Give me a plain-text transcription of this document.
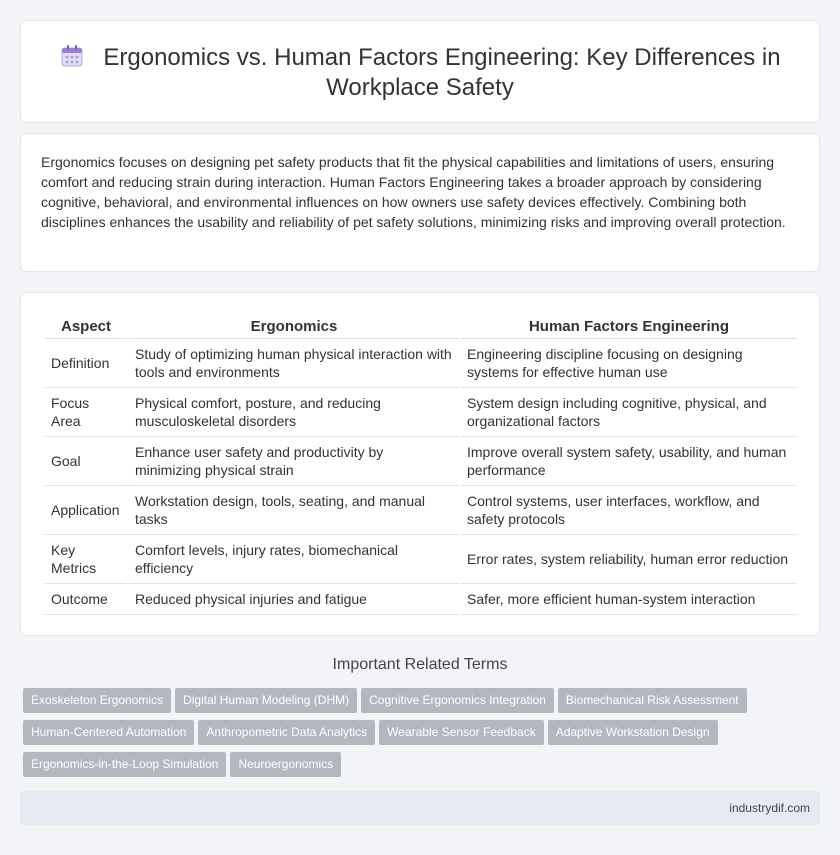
Ergonomics vs. Human Factors Engineering: Key Differences in Workplace Safety

Ergonomics focuses on designing pet safety products that fit the physical capabilities and limitations of users, ensuring comfort and reducing strain during interaction. Human Factors Engineering takes a broader approach by considering cognitive, behavioral, and environmental influences on how owners use safety devices effectively. Combining both disciplines enhances the usability and reliability of pet safety solutions, minimizing risks and improving overall protection.

Aspect	Ergonomics	Human Factors Engineering
Definition	Study of optimizing human physical interaction with tools and environments	Engineering discipline focusing on designing systems for effective human use
Focus Area	Physical comfort, posture, and reducing musculoskeletal disorders	System design including cognitive, physical, and organizational factors
Goal	Enhance user safety and productivity by minimizing physical strain	Improve overall system safety, usability, and human performance
Application	Workstation design, tools, seating, and manual tasks	Control systems, user interfaces, workflow, and safety protocols
Key Metrics	Comfort levels, injury rates, biomechanical efficiency	Error rates, system reliability, human error reduction
Outcome	Reduced physical injuries and fatigue	Safer, more efficient human-system interaction
Important Related Terms
Exoskeleton Ergonomics Digital Human Modeling (DHM) Cognitive Ergonomics Integration Biomechanical Risk AssessmentHuman-Centered Automation Anthropometric Data Analytics Wearable Sensor Feedback Adaptive Workstation DesignErgonomics-in-the-Loop Simulation Neuroergonomics
industrydif.com
